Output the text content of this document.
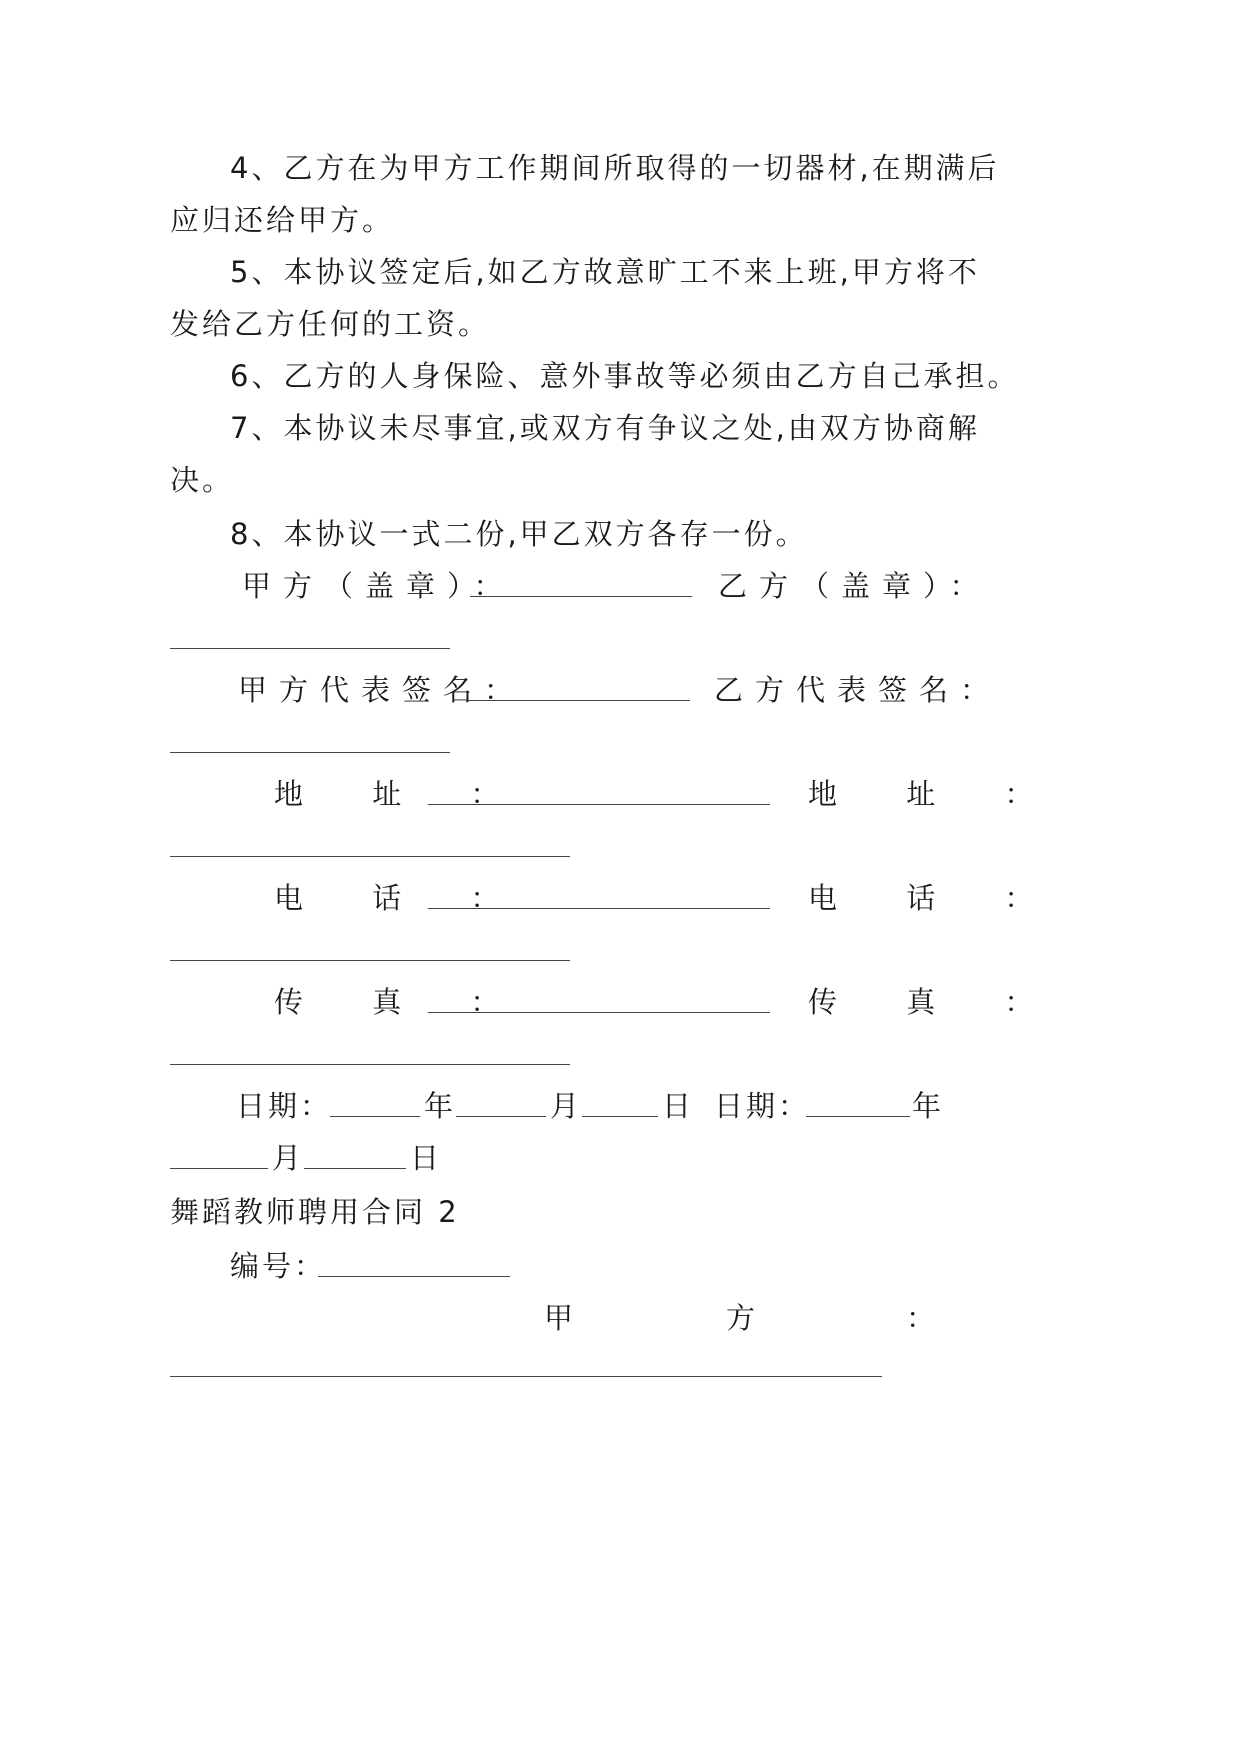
4、乙方在为甲方工作期间所取得的一切器材,在期满后
应归还给甲方。
5、本协议签定后,如乙方故意旷工不来上班,甲方将不
发给乙方任何的工资。
6、乙方的人身保险、意外事故等必须由乙方自己承担。
7、本协议未尽事宜,或双方有争议之处,由双方协商解
决。
8、本协议一式二份,甲乙双方各存一份。
甲方（盖章）：	乙方（盖章）：
甲方代表签名：	乙方代表签名：
地 址 ：	地 址 ：
电 话 ：	电 话 ：
传 真 ：	传 真 ：
日期：	年	月	日 日期：	年
月	日
舞蹈教师聘用合同 2
编号：
甲	方	：
